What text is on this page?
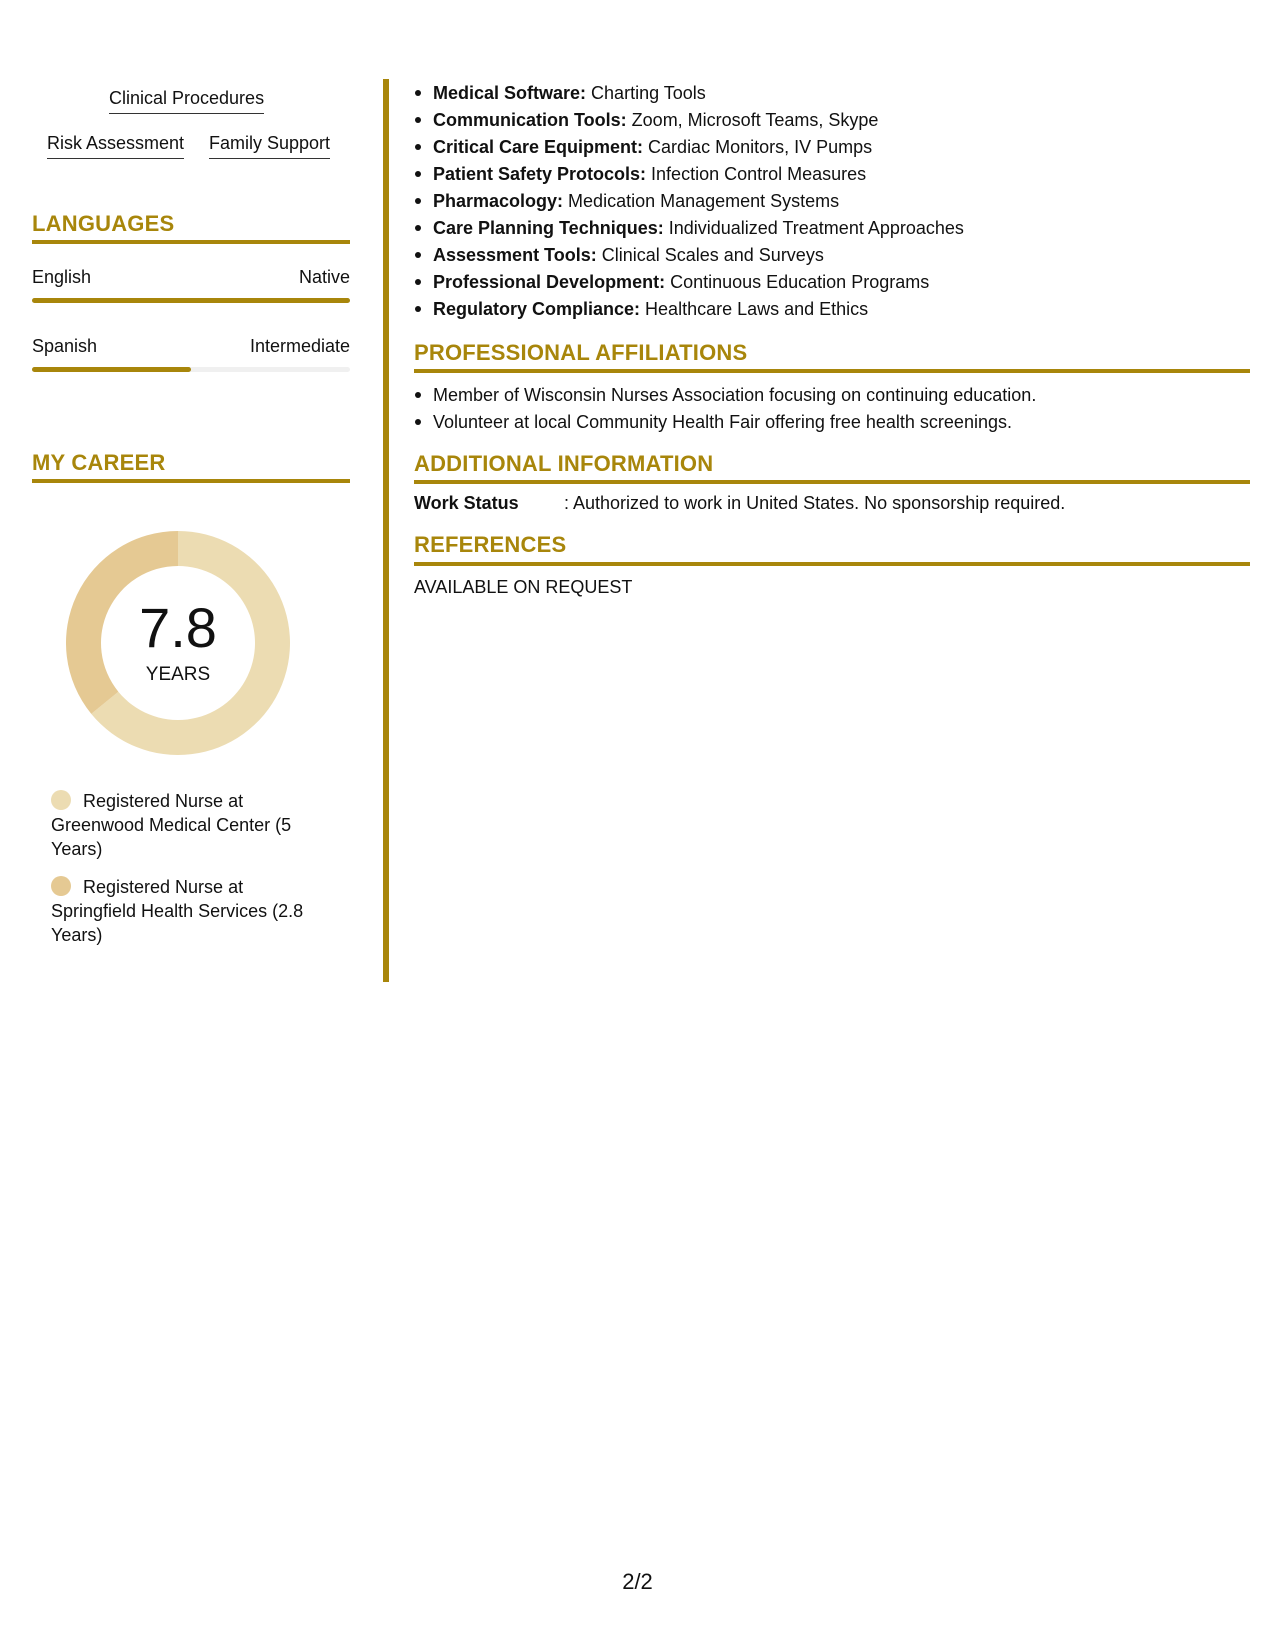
Clinical Procedures
Risk Assessment Family Support
LANGUAGES
English	Native
Spanish	Intermediate
MY CAREER
7.8
YEARS
Registered Nurse at Greenwood Medical Center (5 Years)
Registered Nurse at Springfield Health Services (2.8 Years)
Medical Software: Charting Tools
Communication Tools: Zoom, Microsoft Teams, Skype
Critical Care Equipment: Cardiac Monitors, IV Pumps
Patient Safety Protocols: Infection Control Measures
Pharmacology: Medication Management Systems
Care Planning Techniques: Individualized Treatment Approaches
Assessment Tools: Clinical Scales and Surveys
Professional Development: Continuous Education Programs
Regulatory Compliance: Healthcare Laws and Ethics
PROFESSIONAL AFFILIATIONS
Member of Wisconsin Nurses Association focusing on continuing education.
Volunteer at local Community Health Fair offering free health screenings.
ADDITIONAL INFORMATION
Work Status	: Authorized to work in United States. No sponsorship required.
REFERENCES
AVAILABLE ON REQUEST
2/2
